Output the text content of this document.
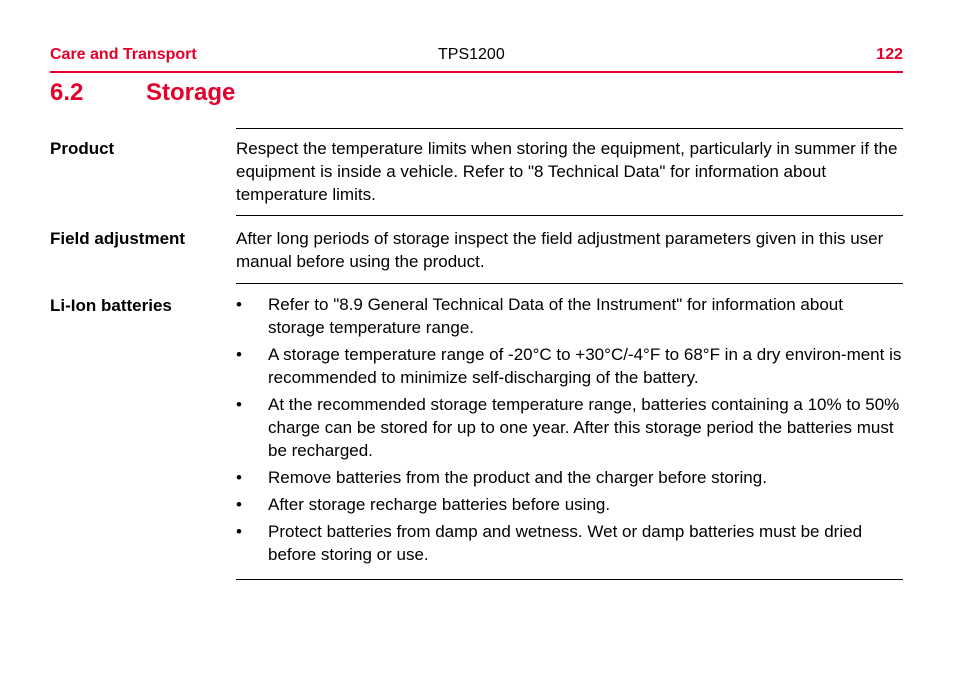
Care and Transport	TPS1200	122
6.2	Storage
Product	Respect the temperature limits when storing the equipment, particularly in summer if the equipment is inside a vehicle. Refer to "8 Technical Data" for information about temperature limits.

Field adjustment	After long periods of storage inspect the field adjustment parameters given in this user manual before using the product.

Li-Ion batteries	• Refer to "8.9 General Technical Data of the Instrument" for information about storage temperature range.
• A storage temperature range of -20°C to +30°C/-4°F to 68°F in a dry environ-ment is recommended to minimize self-discharging of the battery.
• At the recommended storage temperature range, batteries containing a 10% to 50% charge can be stored for up to one year. After this storage period the batteries must be recharged.
• Remove batteries from the product and the charger before storing.
• After storage recharge batteries before using.
• Protect batteries from damp and wetness. Wet or damp batteries must be dried before storing or use.
